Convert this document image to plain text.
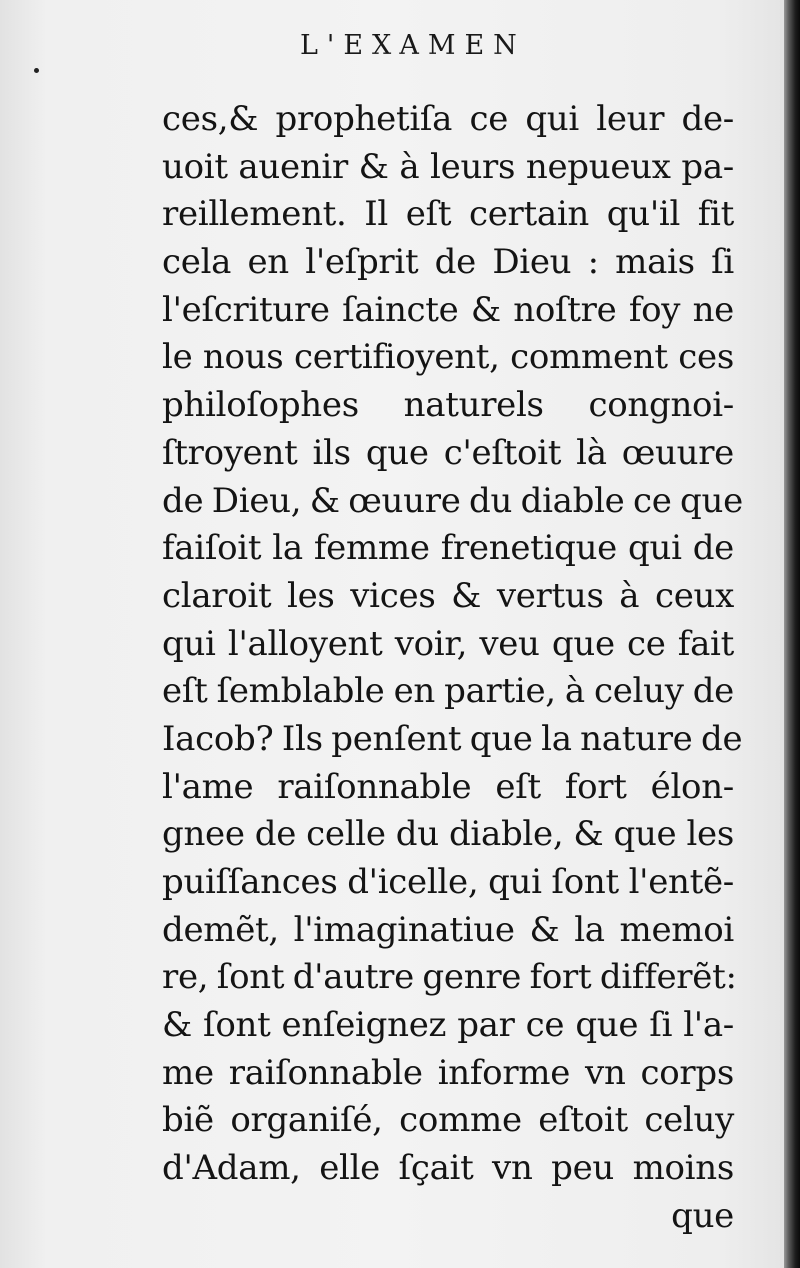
L'EXAMEN
ces,& prophetiſa ce qui leur de-
uoit auenir & à leurs nepueux pa-
reillement. Il eſt certain qu'il fit
cela en l'eſprit de Dieu : mais ſi
l'eſcriture ſaincte & noſtre foy ne
le nous certifioyent, comment ces
philoſophes naturels congnoi-
ſtroyent ils que c'eſtoit là œuure
de Dieu, & œuure du diable ce que
faiſoit la femme frenetique qui de
claroit les vices & vertus à ceux
qui l'alloyent voir, veu que ce fait
eſt ſemblable en partie, à celuy de
Iacob? Ils penſent que la nature de
l'ame raiſonnable eſt fort élon-
gnee de celle du diable, & que les
puiſſances d'icelle, qui ſont l'entẽ-
demẽt, l'imaginatiue & la memoi
re, ſont d'autre genre fort differẽt:
& ſont enſeignez par ce que ſi l'a-
me raiſonnable informe vn corps
biẽ organiſé, comme eſtoit celuy
d'Adam, elle ſçait vn peu moins
que
